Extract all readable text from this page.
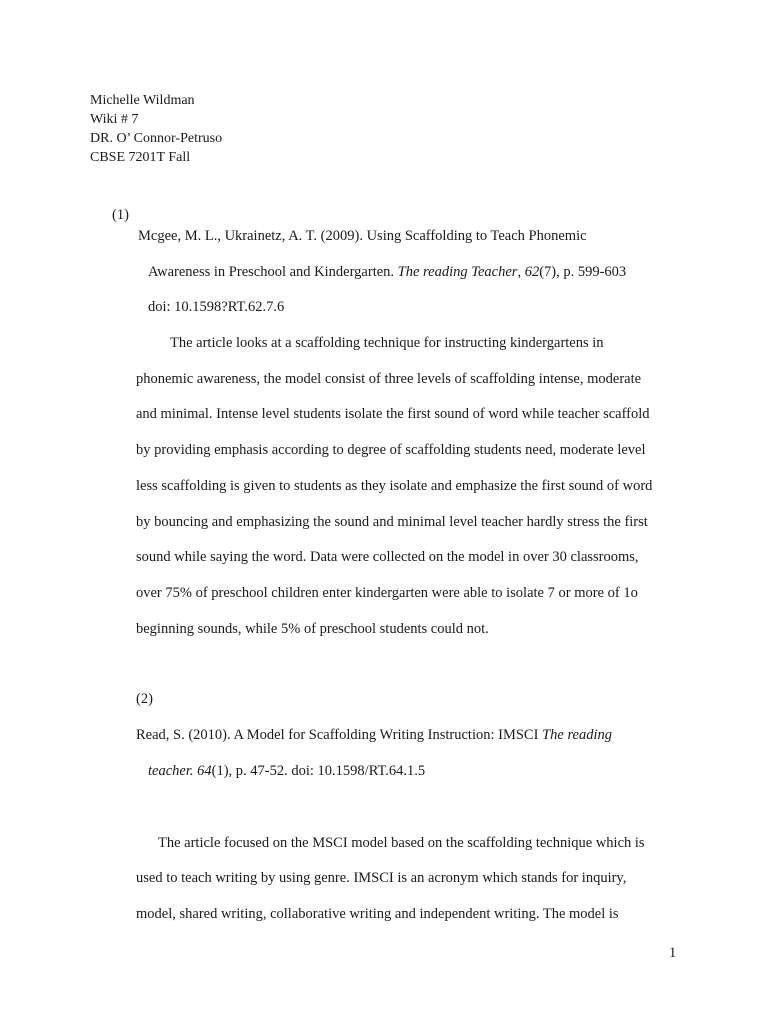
Michelle Wildman
Wiki # 7
DR. O’ Connor-Petruso
CBSE 7201T Fall
(1)
Mcgee, M. L., Ukrainetz, A. T. (2009). Using Scaffolding to Teach Phonemic
Awareness in Preschool and Kindergarten. The reading Teacher, 62(7), p. 599-603
doi: 10.1598?RT.62.7.6
The article looks at a scaffolding technique for instructing kindergartens in
phonemic awareness, the model consist of three levels of scaffolding intense, moderate
and minimal. Intense level students isolate the first sound of word while teacher scaffold
by providing emphasis according to degree of scaffolding students need, moderate level
less scaffolding is given to students as they isolate and emphasize the first sound of word
by bouncing and emphasizing the sound and minimal level teacher hardly stress the first
sound while saying the word. Data were collected on the model in over 30 classrooms,
over 75% of preschool children enter kindergarten were able to isolate 7 or more of 1o
beginning sounds, while 5% of preschool students could not.
(2)
Read, S. (2010). A Model for Scaffolding Writing Instruction: IMSCI The reading
teacher. 64(1), p. 47-52. doi: 10.1598/RT.64.1.5
The article focused on the MSCI model based on the scaffolding technique which is
used to teach writing by using genre. IMSCI is an acronym which stands for inquiry,
model, shared writing, collaborative writing and independent writing. The model is
1
